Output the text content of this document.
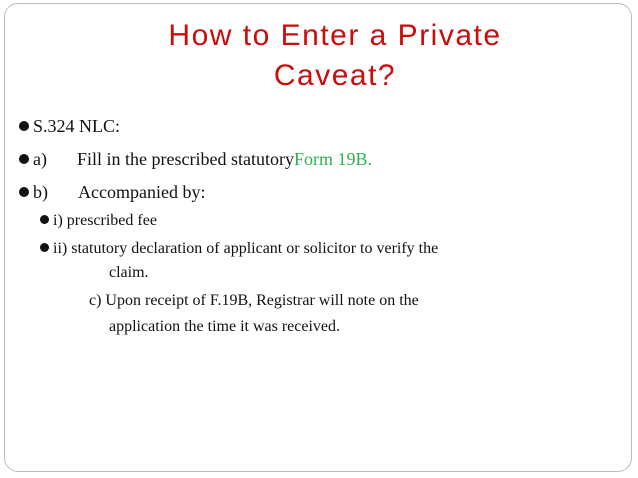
How to Enter a Private
Caveat?
S.324 NLC:
a) Fill in the prescribed statutory Form 19B.
b) Accompanied by:
i) prescribed fee
ii) statutory declaration of applicant or solicitor to verify the
claim.
c) Upon receipt of F.19B, Registrar will note on the
application the time it was received.
